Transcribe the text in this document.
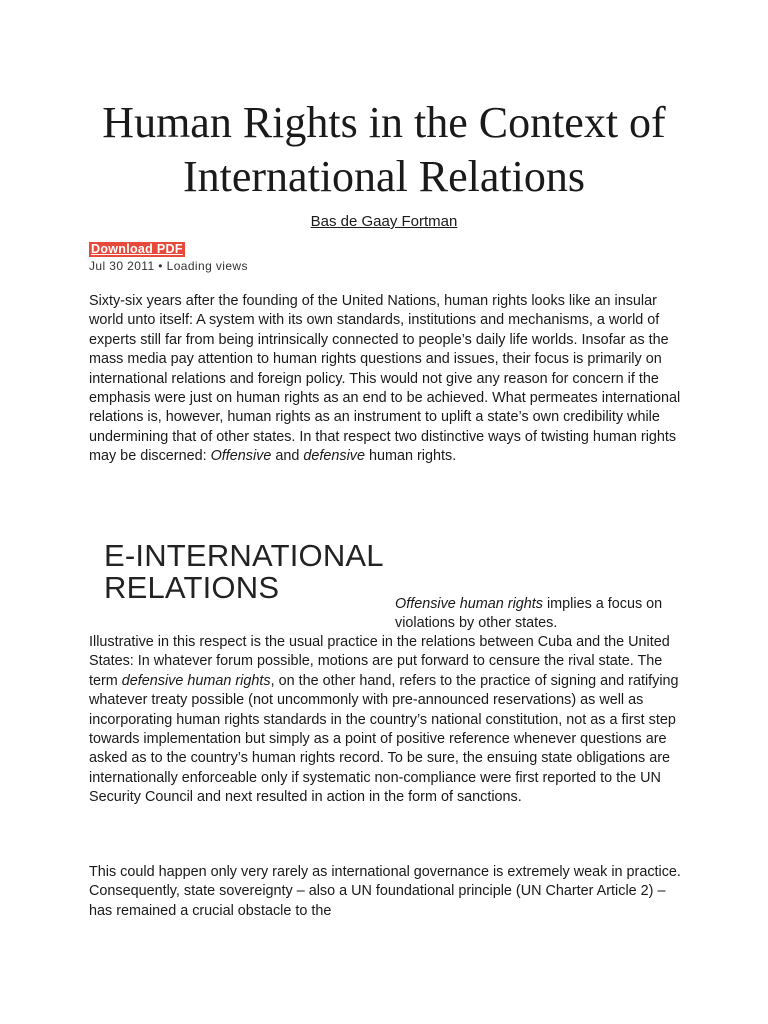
Human Rights in the Context of International Relations
Bas de Gaay Fortman
Download PDF
Jul 30 2011 • Loading views

Sixty-six years after the founding of the United Nations, human rights looks like an insular world unto itself: A system with its own standards, institutions and mechanisms, a world of experts still far from being intrinsically connected to people’s daily life worlds. Insofar as the mass media pay attention to human rights questions and issues, their focus is primarily on international relations and foreign policy. This would not give any reason for concern if the emphasis were just on human rights as an end to be achieved. What permeates international relations is, however, human rights as an instrument to uplift a state’s own credibility while undermining that of other states. In that respect two distinctive ways of twisting human rights may be discerned: Offensive and defensive human rights.

E-INTERNATIONAL
RELATIONS	Offensive human rights implies a focus on violations by other states.

Illustrative in this respect is the usual practice in the relations between Cuba and the United States: In whatever forum possible, motions are put forward to censure the rival state. The term defensive human rights, on the other hand, refers to the practice of signing and ratifying whatever treaty possible (not uncommonly with pre-announced reservations) as well as incorporating human rights standards in the country’s national constitution, not as a first step towards implementation but simply as a point of positive reference whenever questions are asked as to the country’s human rights record. To be sure, the ensuing state obligations are internationally enforceable only if systematic non-compliance were first reported to the UN Security Council and next resulted in action in the form of sanctions.

This could happen only very rarely as international governance is extremely weak in practice. Consequently, state sovereignty – also a UN foundational principle (UN Charter Article 2) – has remained a crucial obstacle to the
